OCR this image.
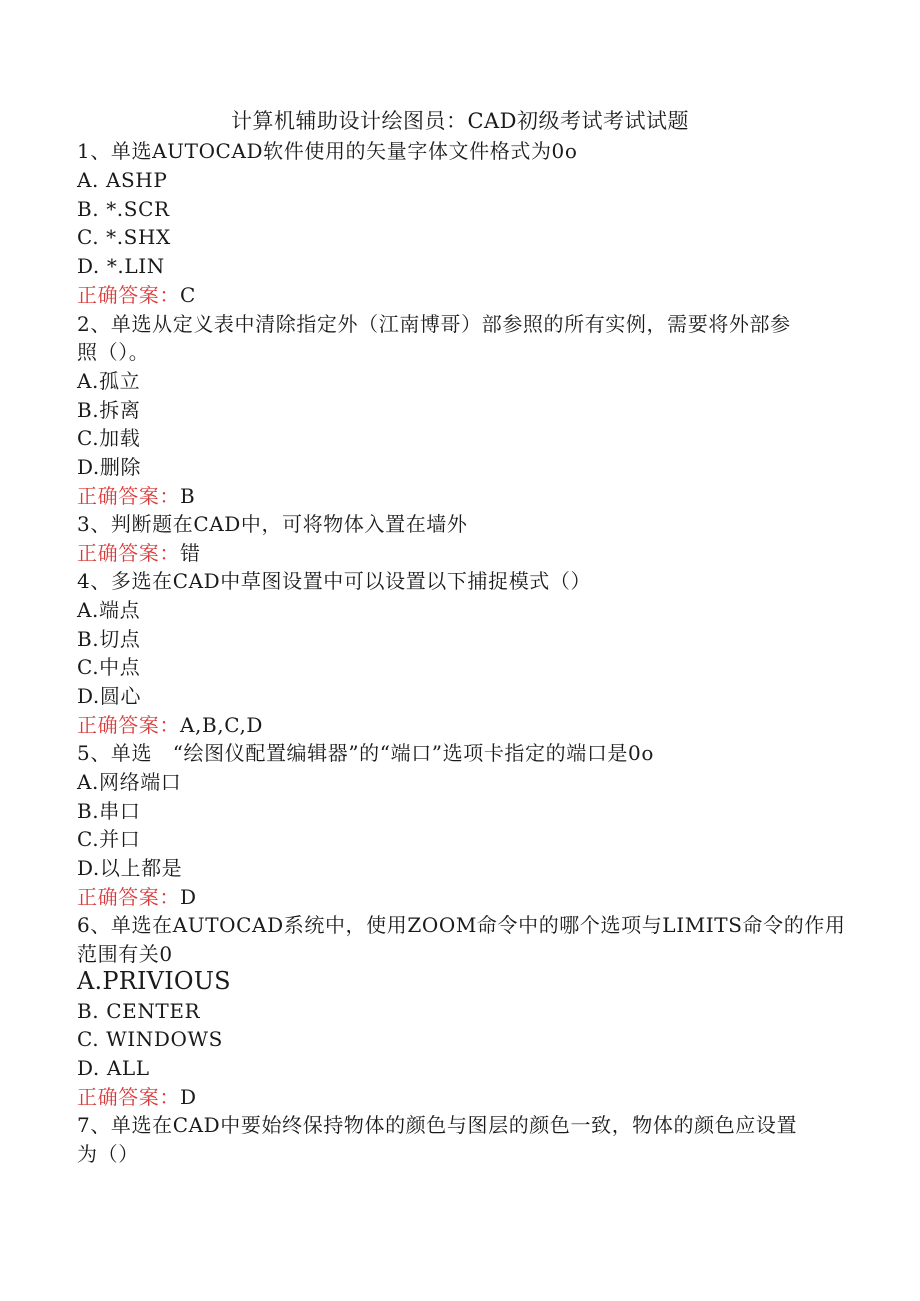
计算机辅助设计绘图员：CAD初级考试考试试题
1、单选AUTOCAD软件使用的矢量字体文件格式为0o
A. ASHP
B. *.SCR
C. *.SHX
D. *.LIN
正确答案：C
2、单选从定义表中清除指定外（江南博哥）部参照的所有实例，需要将外部参
照（）。
A.孤立
B.拆离
C.加载
D.删除
正确答案：B
3、判断题在CAD中，可将物体入置在墙外
正确答案：错
4、多选在CAD中草图设置中可以设置以下捕捉模式（）
A.端点
B.切点
C.中点
D.圆心
正确答案：A,B,C,D
5、单选　“绘图仪配置编辑器”的“端口”选项卡指定的端口是0o
A.网络端口
B.串口
C.并口
D.以上都是
正确答案：D
6、单选在AUTOCAD系统中，使用ZOOM命令中的哪个选项与LIMITS命令的作用
范围有关0
A.PRIVIOUS
B. CENTER
C. WINDOWS
D. ALL
正确答案：D
7、单选在CAD中要始终保持物体的颜色与图层的颜色一致，物体的颜色应设置
为（）
